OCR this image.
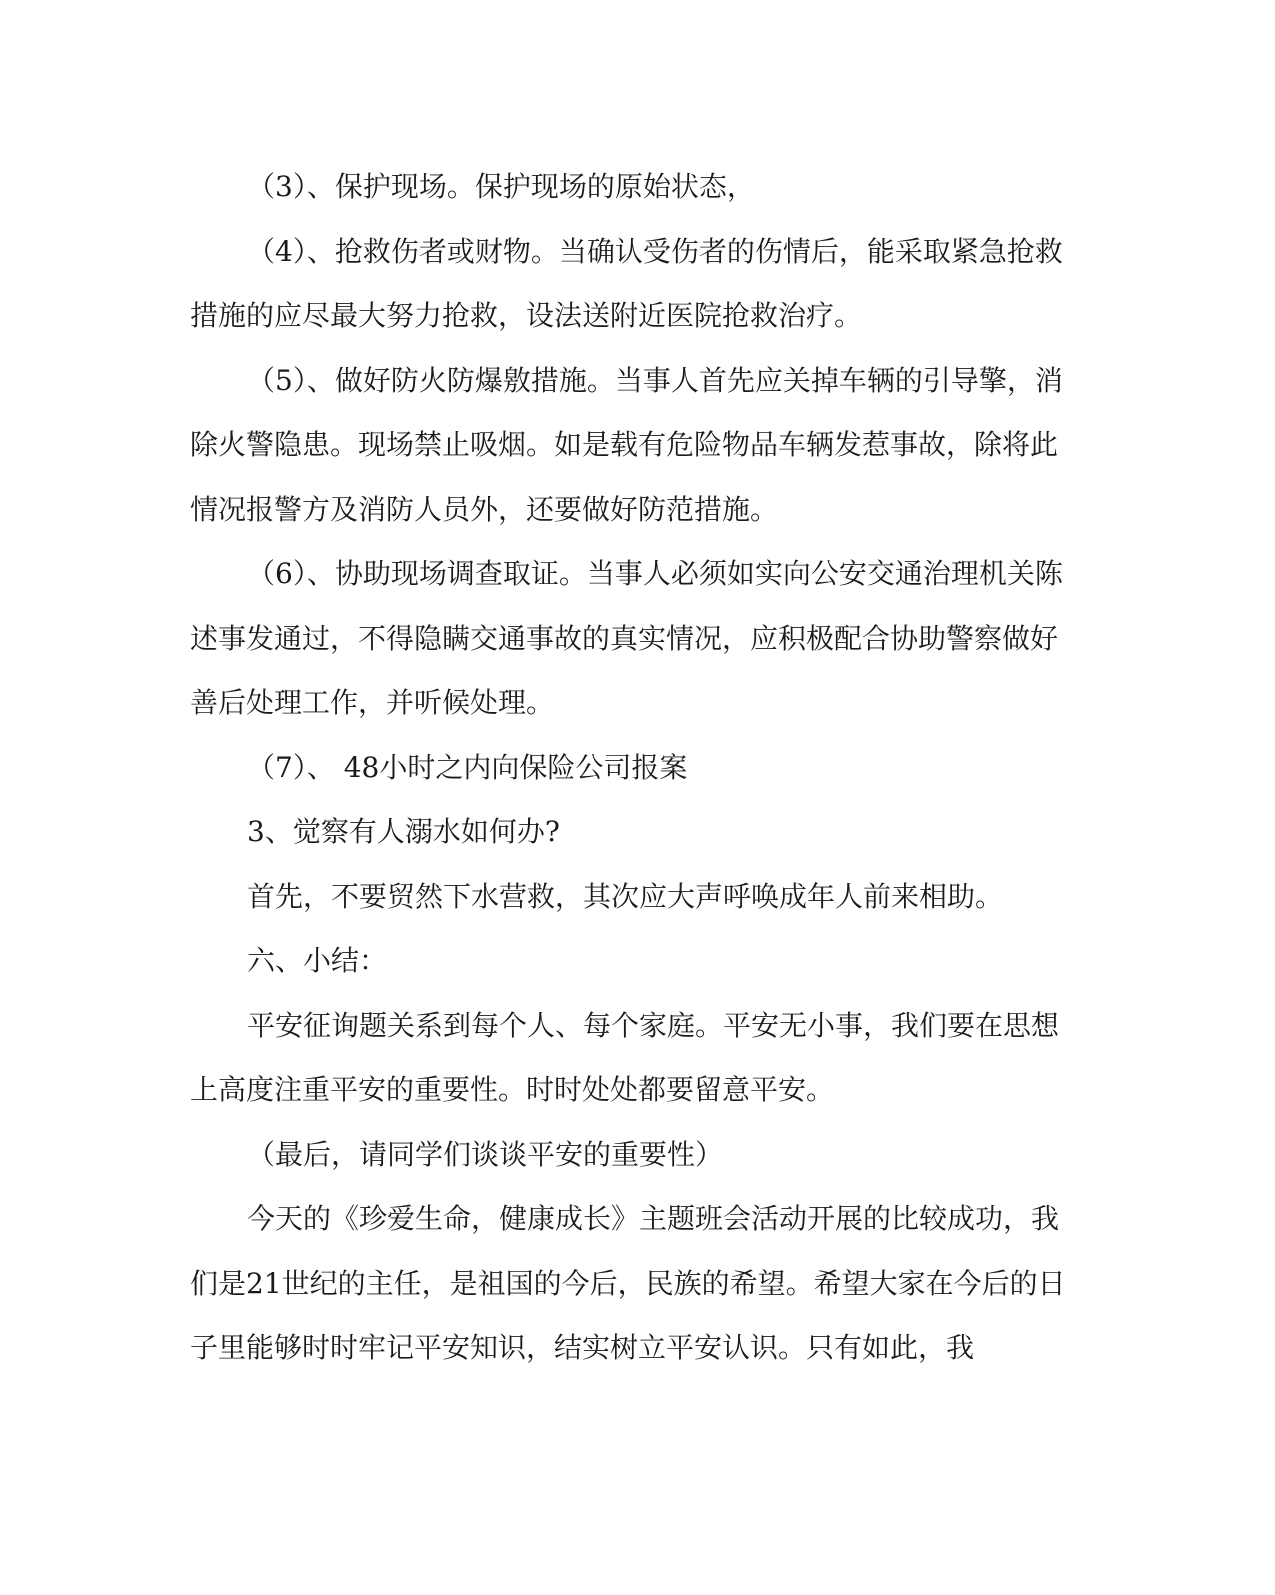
（3）、保护现场。保护现场的原始状态，

（4）、抢救伤者或财物。当确认受伤者的伤情后，能采取紧急抢救措施的应尽最大努力抢救，设法送附近医院抢救治疗。

（5）、做好防火防爆敫措施。当事人首先应关掉车辆的引导擎，消除火警隐患。现场禁止吸烟。如是载有危险物品车辆发惹事故，除将此情况报警方及消防人员外，还要做好防范措施。

（6）、协助现场调查取证。当事人必须如实向公安交通治理机关陈述事发通过，不得隐瞒交通事故的真实情况，应积极配合协助警察做好善后处理工作，并听候处理。

（7）、 48小时之内向保险公司报案

3、觉察有人溺水如何办?

首先，不要贸然下水营救，其次应大声呼唤成年人前来相助。

六、小结：

平安征询题关系到每个人、每个家庭。平安无小事，我们要在思想上高度注重平安的重要性。时时处处都要留意平安。

（最后，请同学们谈谈平安的重要性）

今天的《珍爱生命，健康成长》主题班会活动开展的比较成功，我们是21世纪的主任，是祖国的今后，民族的希望。希望大家在今后的日子里能够时时牢记平安知识，结实树立平安认识。只有如此，我
